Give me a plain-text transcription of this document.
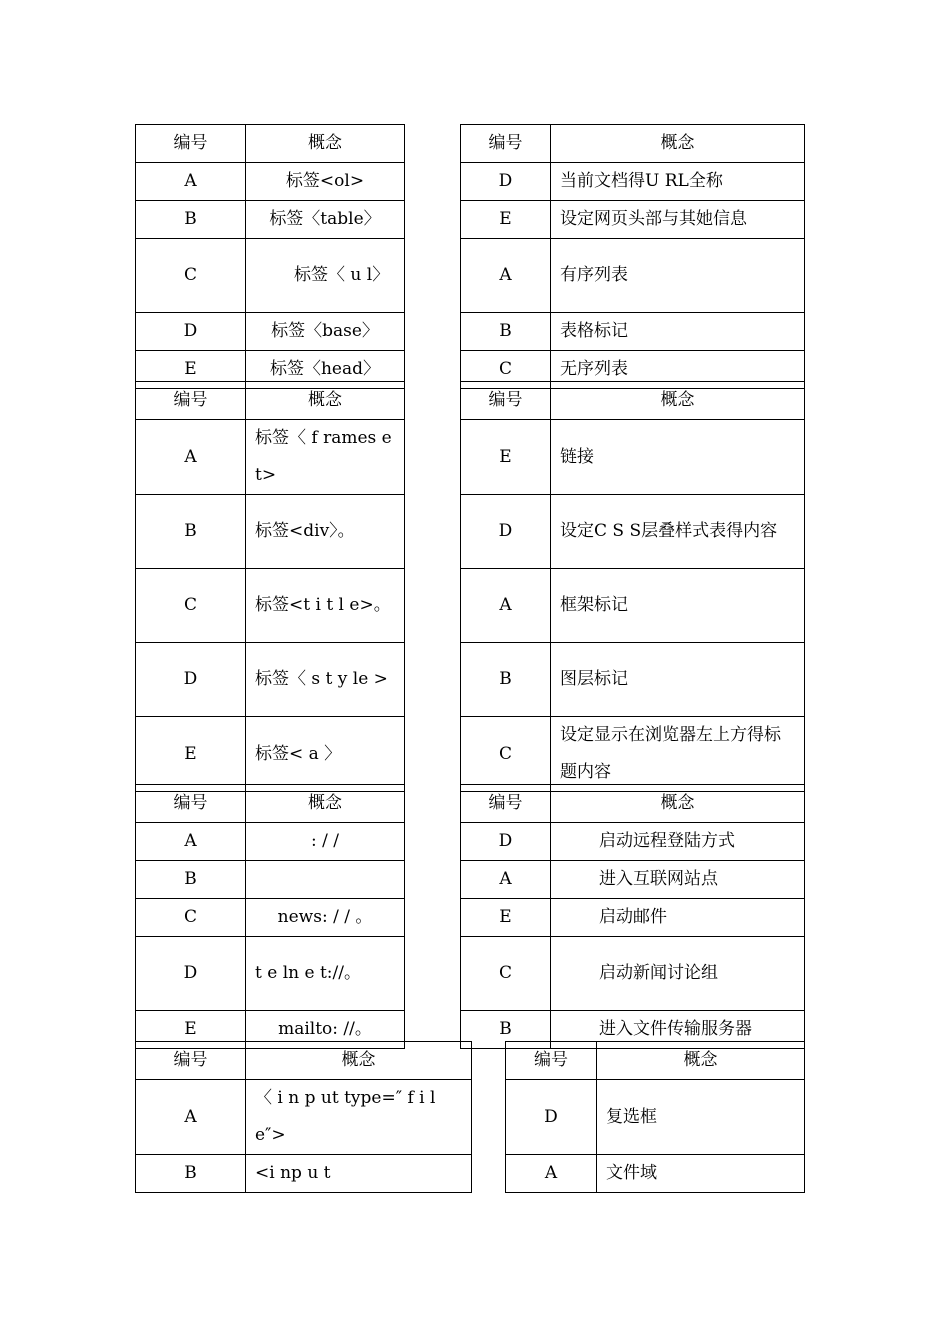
编号	概念		编号	概念
A	标签<ol>		D	当前文档得U RL全称
B	标签〈table〉		E	设定网页头部与其她信息
C	标签〈 u l〉		A	有序列表
D	标签〈base〉		B	表格标记
E	标签〈head〉		C	无序列表
编号	概念		编号	概念
A	标签〈 f rames e t>		E	链接
B	标签<div〉。		D	设定C S S层叠样式表得内容
C	标签<t i t l e>。		A	框架标记
D	标签〈 s t y le >		B	图层标记
E	标签< a 〉		C	设定显示在浏览器左上方得标题内容
编号	概念		编号	概念
A	: / /		D	启动远程登陆方式
B			A	进入互联网站点
C	news: / / 。		E	启动邮件
D	t e ln e t://。		C	启动新闻讨论组
E	mailto: //。		B	进入文件传输服务器
编号	概念		编号	概念
A	〈 i n p ut type=″ f i l e″>		D	复选框
B	<i np u t		A	文件域
